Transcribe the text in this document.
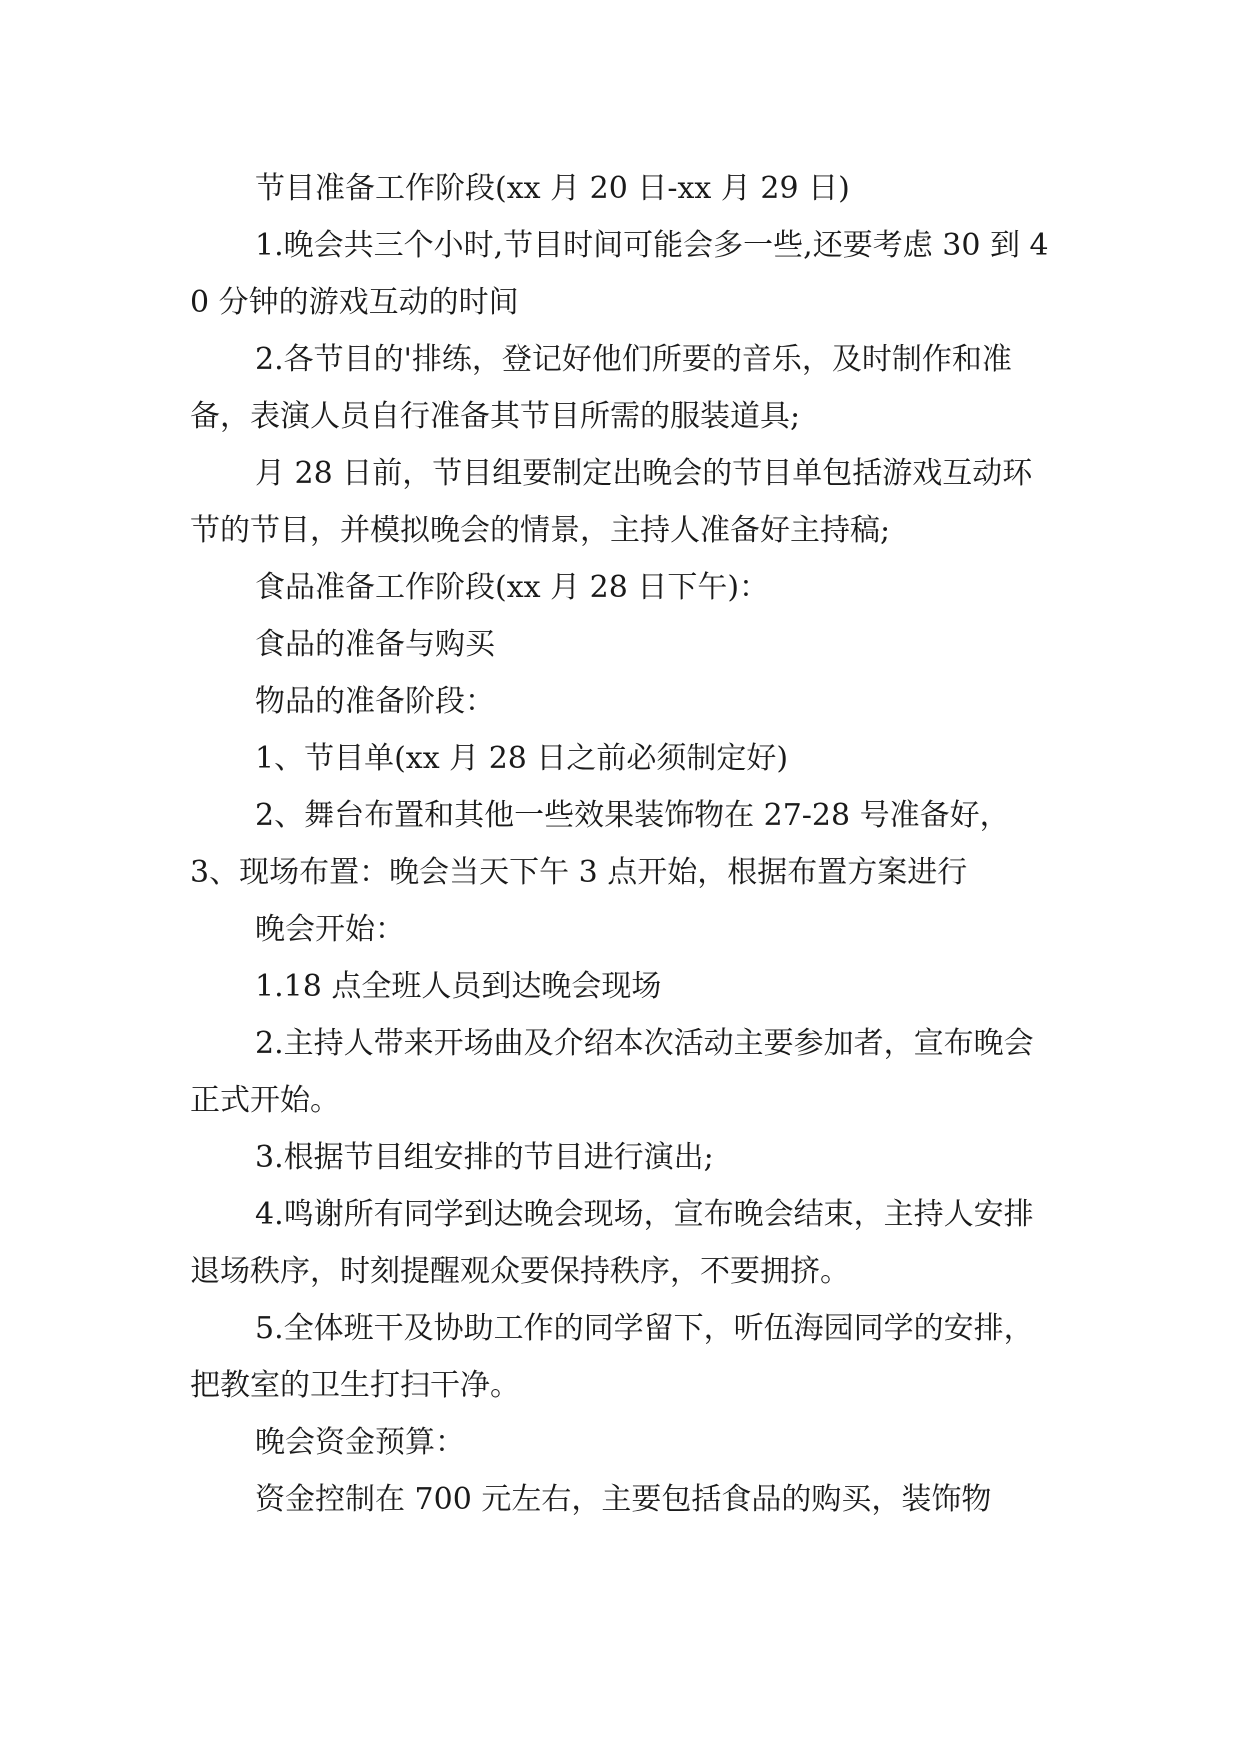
节目准备工作阶段(xx 月 20 日-xx 月 29 日)

1.晚会共三个小时,节目时间可能会多一些,还要考虑 30 到 40 分钟的游戏互动的时间

2.各节目的'排练，登记好他们所要的音乐，及时制作和准备，表演人员自行准备其节目所需的服装道具;

月 28 日前，节目组要制定出晚会的节目单包括游戏互动环节的节目，并模拟晚会的情景，主持人准备好主持稿;

食品准备工作阶段(xx 月 28 日下午)：

食品的准备与购买

物品的准备阶段：

1、节目单(xx 月 28 日之前必须制定好)

2、舞台布置和其他一些效果装饰物在 27-28 号准备好，

3、现场布置：晚会当天下午 3 点开始，根据布置方案进行

晚会开始：

1.18 点全班人员到达晚会现场

2.主持人带来开场曲及介绍本次活动主要参加者，宣布晚会正式开始。

3.根据节目组安排的节目进行演出;

4.鸣谢所有同学到达晚会现场，宣布晚会结束，主持人安排退场秩序，时刻提醒观众要保持秩序，不要拥挤。

5.全体班干及协助工作的同学留下，听伍海园同学的安排，把教室的卫生打扫干净。

晚会资金预算：

资金控制在 700 元左右，主要包括食品的购买，装饰物
